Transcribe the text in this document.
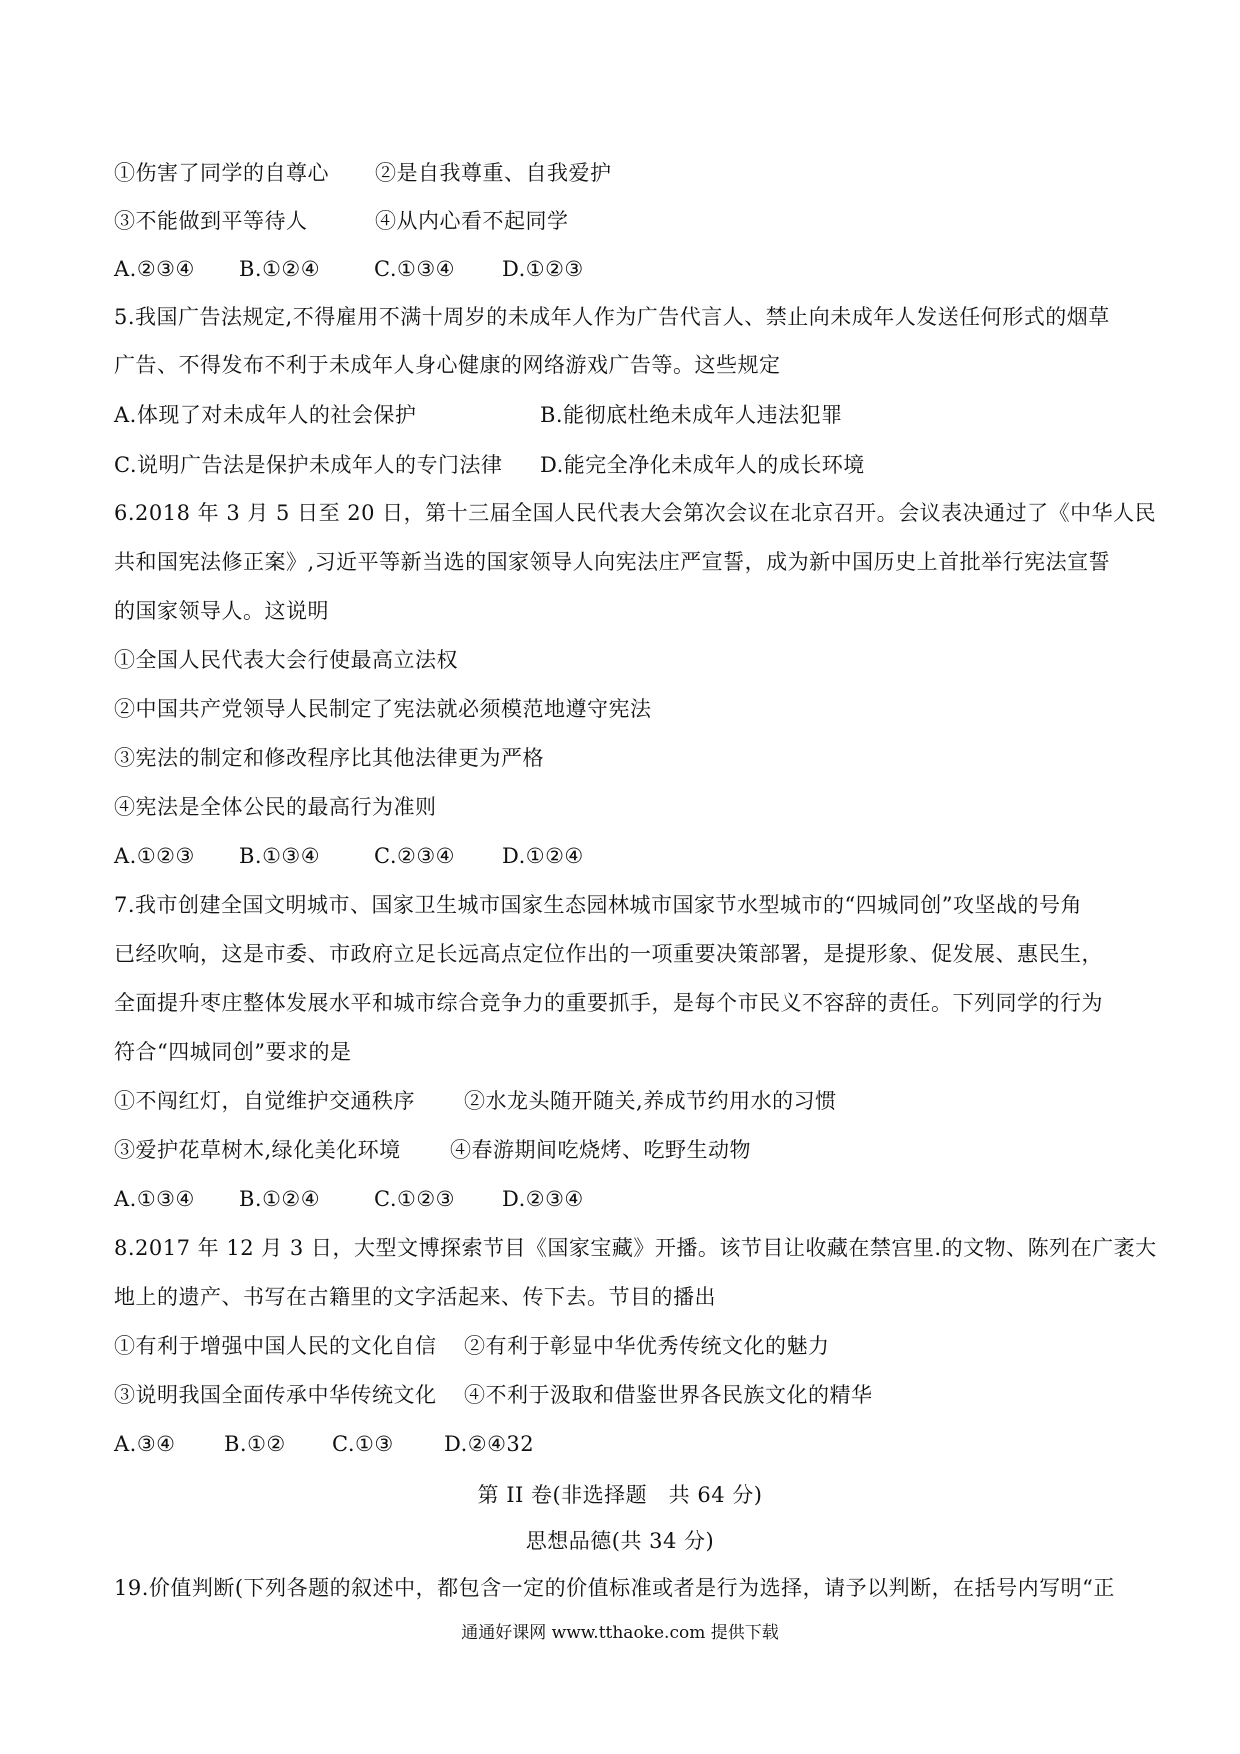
①伤害了同学的自尊心 ②是自我尊重、自我爱护
③不能做到平等待人	④从内心看不起同学
A.②③④ B.①②④	C.①③④ D.①②③
5.我国广告法规定,不得雇用不满十周岁的未成年人作为广告代言人、禁止向未成年人发送任何形式的烟草
广告、不得发布不利于未成年人身心健康的网络游戏广告等。这些规定
A.体现了对未成年人的社会保护	B.能彻底杜绝未成年人违法犯罪
C.说明广告法是保护未成年人的专门法律 D.能完全净化未成年人的成长环境
6.2018 年 3 月 5 日至 20 日，第十三届全国人民代表大会第次会议在北京召开。会议表决通过了《中华人民
共和国宪法修正案》,习近平等新当选的国家领导人向宪法庄严宣誓，成为新中国历史上首批举行宪法宣誓
的国家领导人。这说明
①全国人民代表大会行使最高立法权
②中国共产党领导人民制定了宪法就必须模范地遵守宪法
③宪法的制定和修改程序比其他法律更为严格
④宪法是全体公民的最高行为准则
A.①②③ B.①③④	C.②③④ D.①②④
7.我市创建全国文明城市、国家卫生城市国家生态园林城市国家节水型城市的“四城同创”攻坚战的号角
已经吹响，这是市委、市政府立足长远高点定位作出的一项重要决策部署，是提形象、促发展、惠民生，
全面提升枣庄整体发展水平和城市综合竞争力的重要抓手，是每个市民义不容辞的责任。下列同学的行为
符合“四城同创”要求的是
①不闯红灯，自觉维护交通秩序 ②水龙头随开随关,养成节约用水的习惯
③爱护花草树木,绿化美化环境 ④春游期间吃烧烤、吃野生动物
A.①③④ B.①②④	C.①②③ D.②③④
8.2017 年 12 月 3 日，大型文博探索节目《国家宝藏》开播。该节目让收藏在禁宫里.的文物、陈列在广袤大
地上的遗产、书写在古籍里的文字活起来、传下去。节目的播出
①有利于增强中国人民的文化自信 ②有利于彰显中华优秀传统文化的魅力
③说明我国全面传承中华传统文化 ④不利于汲取和借鉴世界各民族文化的精华
A.③④ B.①② C.①③ D.②④32
第 II 卷(非选择题　共 64 分)
思想品德(共 34 分)
19.价值判断(下列各题的叙述中，都包含一定的价值标准或者是行为选择，请予以判断，在括号内写明“正
通通好课网 www.tthaoke.com 提供下载
